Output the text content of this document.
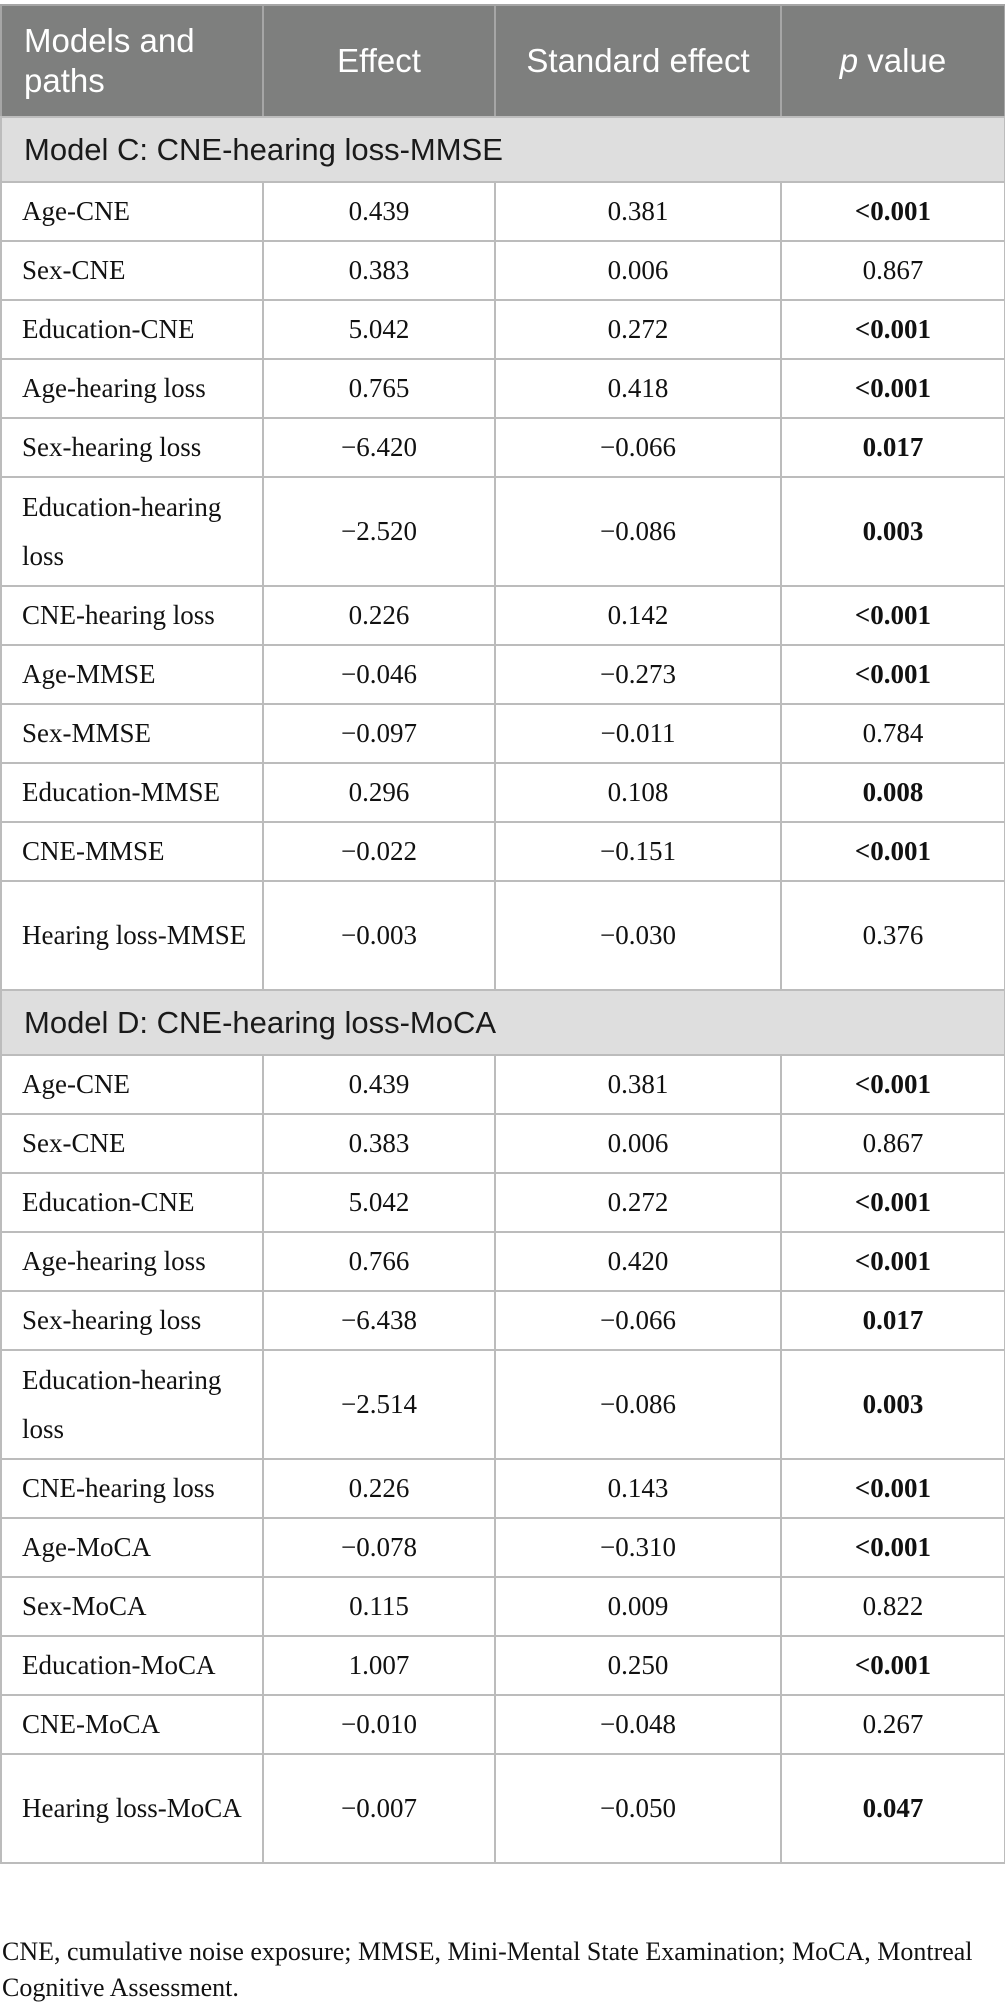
Models and paths	Effect	Standard effect	p value
Model C: CNE-hearing loss-MMSE			
Age-CNE	0.439	0.381	<0.001
Sex-CNE	0.383	0.006	0.867
Education-CNE	5.042	0.272	<0.001
Age-hearing loss	0.765	0.418	<0.001
Sex-hearing loss	−6.420	−0.066	0.017
Education-hearing loss	−2.520	−0.086	0.003
CNE-hearing loss	0.226	0.142	<0.001
Age-MMSE	−0.046	−0.273	<0.001
Sex-MMSE	−0.097	−0.011	0.784
Education-MMSE	0.296	0.108	0.008
CNE-MMSE	−0.022	−0.151	<0.001
Hearing loss-MMSE	−0.003	−0.030	0.376
Model D: CNE-hearing loss-MoCA			
Age-CNE	0.439	0.381	<0.001
Sex-CNE	0.383	0.006	0.867
Education-CNE	5.042	0.272	<0.001
Age-hearing loss	0.766	0.420	<0.001
Sex-hearing loss	−6.438	−0.066	0.017
Education-hearing loss	−2.514	−0.086	0.003
CNE-hearing loss	0.226	0.143	<0.001
Age-MoCA	−0.078	−0.310	<0.001
Sex-MoCA	0.115	0.009	0.822
Education-MoCA	1.007	0.250	<0.001
CNE-MoCA	−0.010	−0.048	0.267
Hearing loss-MoCA	−0.007	−0.050	0.047
CNE, cumulative noise exposure; MMSE, Mini-Mental State Examination; MoCA, Montreal Cognitive Assessment.
